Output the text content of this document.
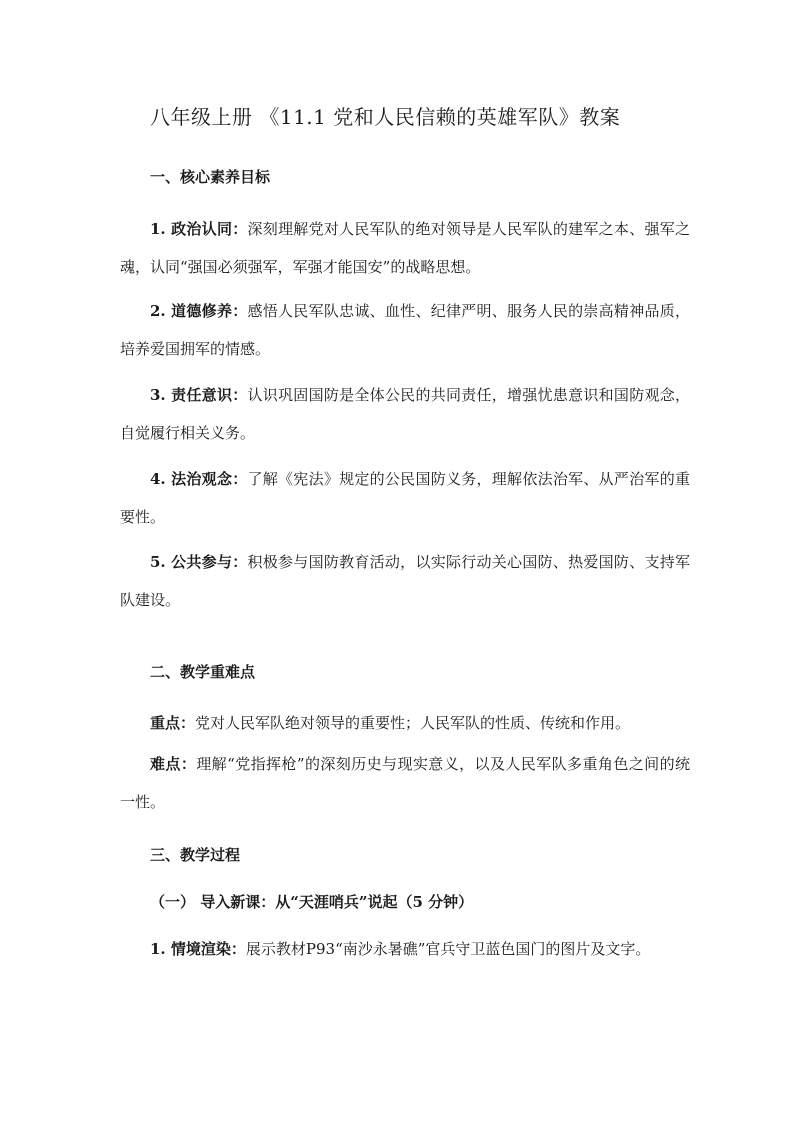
八年级上册 《11.1 党和人民信赖的英雄军队》教案
一、核心素养目标
1. 政治认同：深刻理解党对人民军队的绝对领导是人民军队的建军之本、强军之魂，认同“强国必须强军，军强才能国安”的战略思想。
2. 道德修养：感悟人民军队忠诚、血性、纪律严明、服务人民的崇高精神品质，培养爱国拥军的情感。
3. 责任意识：认识巩固国防是全体公民的共同责任，增强忧患意识和国防观念，自觉履行相关义务。
4. 法治观念：了解《宪法》规定的公民国防义务，理解依法治军、从严治军的重要性。
5. 公共参与：积极参与国防教育活动，以实际行动关心国防、热爱国防、支持军队建设。
二、教学重难点
重点：党对人民军队绝对领导的重要性；人民军队的性质、传统和作用。
难点：理解“党指挥枪”的深刻历史与现实意义，以及人民军队多重角色之间的统一性。
三、教学过程
（一） 导入新课：从“天涯哨兵”说起（5 分钟）
1. 情境渲染：展示教材P93“南沙永暑礁”官兵守卫蓝色国门的图片及文字。
